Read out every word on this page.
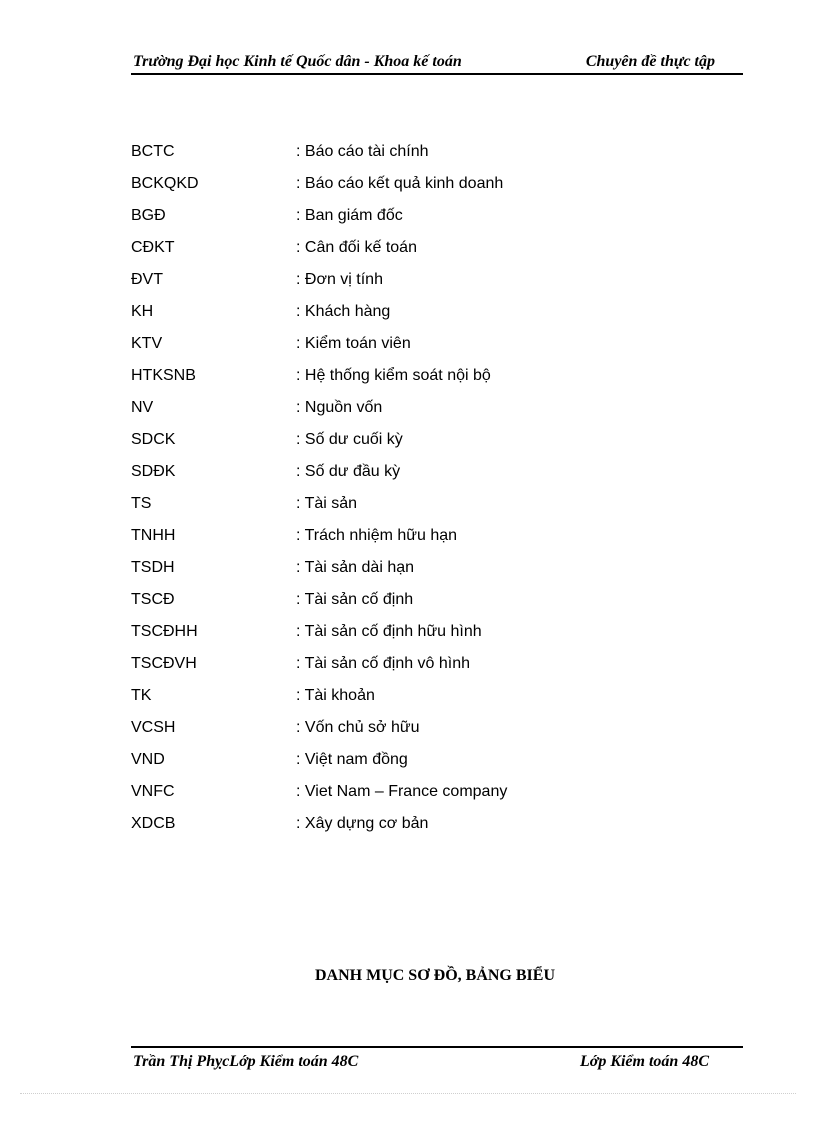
Trường Đại học Kinh tế Quốc dân - Khoa kế toán	Chuyên đề thực tập
BCTC	: Báo cáo tài chính
BCKQKD	: Báo cáo kết quả kinh doanh
BGĐ	: Ban giám đốc
CĐKT	: Cân đối kế toán
ĐVT	: Đơn vị tính
KH	: Khách hàng
KTV	: Kiểm toán viên
HTKSNB	: Hệ thống kiểm soát nội bộ
NV	: Nguồn vốn
SDCK	: Số dư cuối kỳ
SDĐK	: Số dư đầu kỳ
TS	: Tài sản
TNHH	: Trách nhiệm hữu hạn
TSDH	: Tài sản dài hạn
TSCĐ	: Tài sản cố định
TSCĐHH	: Tài sản cố định hữu hình
TSCĐVH	: Tài sản cố định vô hình
TK	: Tài khoản
VCSH	: Vốn chủ sở hữu
VND	: Việt nam đồng
VNFC	: Viet Nam – France company
XDCB	: Xây dựng cơ bản
DANH MỤC SƠ ĐỒ, BẢNG BIỂU
Trần Thị PhỵcLớp Kiểm toán 48C	Lớp Kiểm toán 48C
